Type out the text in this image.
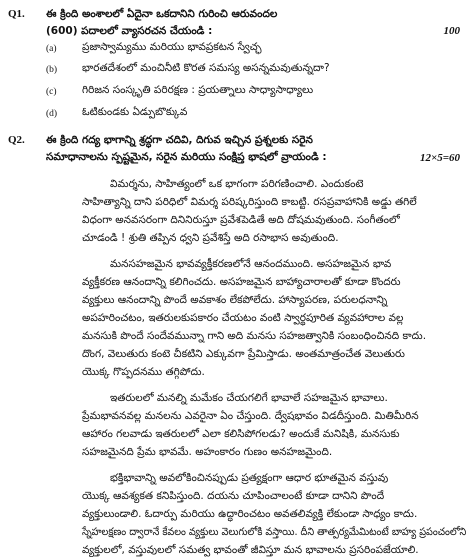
Q1. ఈ క్రింది అంశాలలో ఏదైనా ఒకదానిని గురించి ఆరువందల
(600) పదాలలో వ్యాసరచన చేయండి :	100
(a) ప్రజాస్వామ్యము మరియు భావప్రకటన స్వేచ్ఛ
(b) భారతదేశంలో మంచినీటి కొరత సమస్య అసన్నమవుతున్నదా?
(c) గిరిజన సంస్కృతి పరిరక్షణ : ప్రయత్నాలు సాధ్యాసాధ్యాలు
(d) ఓటికుండకు ఏడ్పుబొక్కువ
Q2. ఈ క్రింది గద్య భాగాన్ని శ్రద్ధగా చదివి, దిగువ ఇచ్చిన ప్రశ్నలకు సరైన
సమాధానాలను స్పష్టమైన, సరైన మరియు సంక్షిప్త భాషలో వ్రాయండి :	12×5=60
విమర్శను, సాహిత్యంలో ఒక భాగంగా పరిగణించాలి. ఎందుకంటె
సాహిత్యాన్ని దాని పరిధిలో విమర్శ పరిష్కరిస్తుంది కాబట్టి. రసప్రవాహానికి అడ్డు తగిలే
విధంగా అనవసరంగా దినినిరుస్తూ ప్రవేశపెడితే అది దోషమవుతుంది. సంగీతంలో
చూడండి ! శ్రుతి తప్పిన ధ్వని ప్రవేశిస్తే అది రసాభాస అవుతుంది.
మనసహజమైన భావవ్యక్తీకరణలోనే ఆనందముంది. అసహజమైన భావ
వ్యక్తీకరణ ఆనందాన్ని కలిగించదు. అసహజమైన బాహ్యాచారాలతో కూడా కొందరు
వ్యక్తులు ఆనందాన్ని పొందే అవకాశం లేకపోలేదు. హాస్యాపరణ, పరులధనాన్ని
అపహరించటం, ఇతరులకుపకారం చేయటం వంటి స్వార్థపూరిత వ్యవహారాల వల్ల
మనసుకి పొందే సందేవమున్నా గాని అది మనసు సహజత్వానికి సంబంధించినది కాదు.
దొంగ, వెలుతురు కంటె చీకటిని ఎక్కువగా ప్రేమిస్తాడు. అంతమాత్రంచేత వెలుతురు
యొక్క గొప్పదనము తగ్గిపోదు.
ఇతరులలో మనల్ని మమేకం చేయగలిగే భావాలే సహజమైన భావాలు.
ప్రేమభావనవల్ల మనలను ఎవరైనా ఏం చేస్తుంది. ద్వేషభావం విడదీస్తుంది. మితిమీరిన
ఆహారం గలవాడు ఇతరులలో ఎలా కలిసిపోగలడు? అందుకే మనిషికి, మనసుకు
సహజమైనది ప్రేమ భావమే. అహంకారం గుణం అనహజమైంది.
భక్తిభావాన్ని అవలోకించినప్పుడు ప్రత్యక్షంగా ఆధార భూతమైన వస్తువు
యొక్క ఆవశ్యకత కనిపిస్తుంది. దయను చూపించాలంటే కూడా దానిని పొందే
వ్యక్తులుండాలి. ఓదార్పు మరియు ఉద్ధారించటం అవతలివ్యక్తి లేకుండా సాధ్యం కాదు.
స్నేహలక్షణం ద్వారానే కేవలం వ్యక్తులు వెలుగులోకి వస్తాయి. దీని తాత్పర్యమేమిటంటే బాహ్య ప్రపంచంలోని
వ్యక్తులలో, వస్తువులలో సమత్వ భావంతో జీవిస్తూ మన భావాలను ప్రసరింపజేయాలి.
